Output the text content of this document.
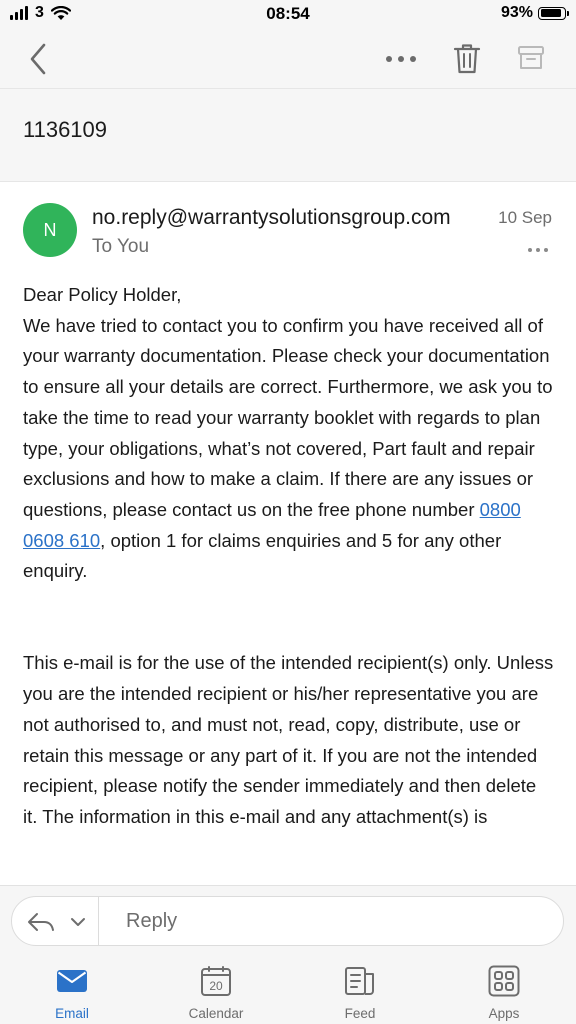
3	08:54	93%
1136109
N
no.reply@warrantysolutionsgroup.com
To You
10 Sep

Dear Policy Holder,

We have tried to contact you to confirm you have received all of your warranty documentation. Please check your documentation to ensure all your details are correct. Furthermore, we ask you to take the time to read your warranty booklet with regards to plan type, your obligations, what’s not covered, Part fault and repair exclusions and how to make a claim. If there are any issues or questions, please contact us on the free phone number 0800 0608 610, option 1 for claims enquiries and 5 for any other enquiry.

This e-mail is for the use of the intended recipient(s) only. Unless you are the intended recipient or his/her representative you are not authorised to, and must not, read, copy, distribute, use or retain this message or any part of it. If you are not the intended recipient, please notify the sender immediately and then delete it. The information in this e-mail and any attachment(s) is

Reply
Email
20
Calendar	Feed	Apps
